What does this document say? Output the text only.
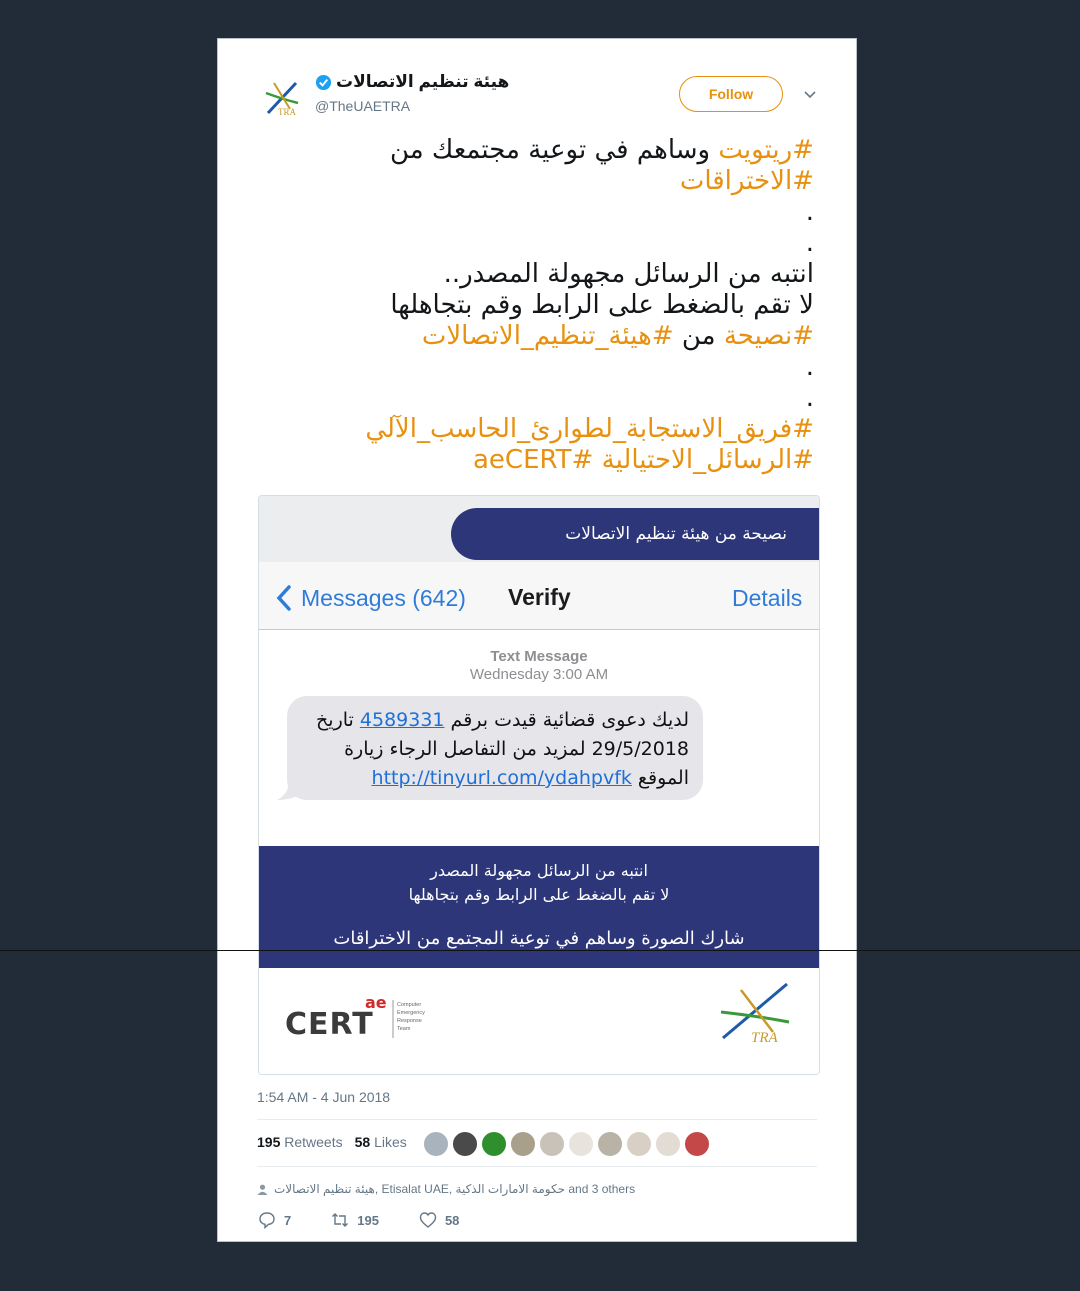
TRA
هيئة تنظيم الاتصالات
@TheUAETRA
Follow
#ريتويت وساهم في توعية مجتمعك من
#الاختراقات
.
.
انتبه من الرسائل مجهولة المصدر..
لا تقم بالضغط على الرابط وقم بتجاهلها
#نصيحة من #هيئة_تنظيم_الاتصالات
.
.
#فريق_الاستجابة_لطوارئ_الحاسب_الآلي
#الرسائل_الاحتيالية #aeCERT
نصيحة من هيئة تنظيم الاتصالات
Messages (642) Verify	Details
Text Message
Wednesday 3:00 AM
لديك دعوى قضائية قيدت برقم 4589331 تاريخ
29/5/2018 لمزيد من التفاصل الرجاء زيارة
الموقع http://tinyurl.com/ydahpvfk
انتبه من الرسائل مجهولة المصدر
لا تقم بالضغط على الرابط وقم بتجاهلها
شارك الصورة وساهم في توعية المجتمع من الاختراقات
CERT
ae Computer
Emergency
Response
Team
TRA
1:54 AM - 4 Jun 2018
195 Retweets 58 Likes
هيئة تنظيم الاتصالات, Etisalat UAE, حكومة الامارات الذكية and 3 others
7	195	58
